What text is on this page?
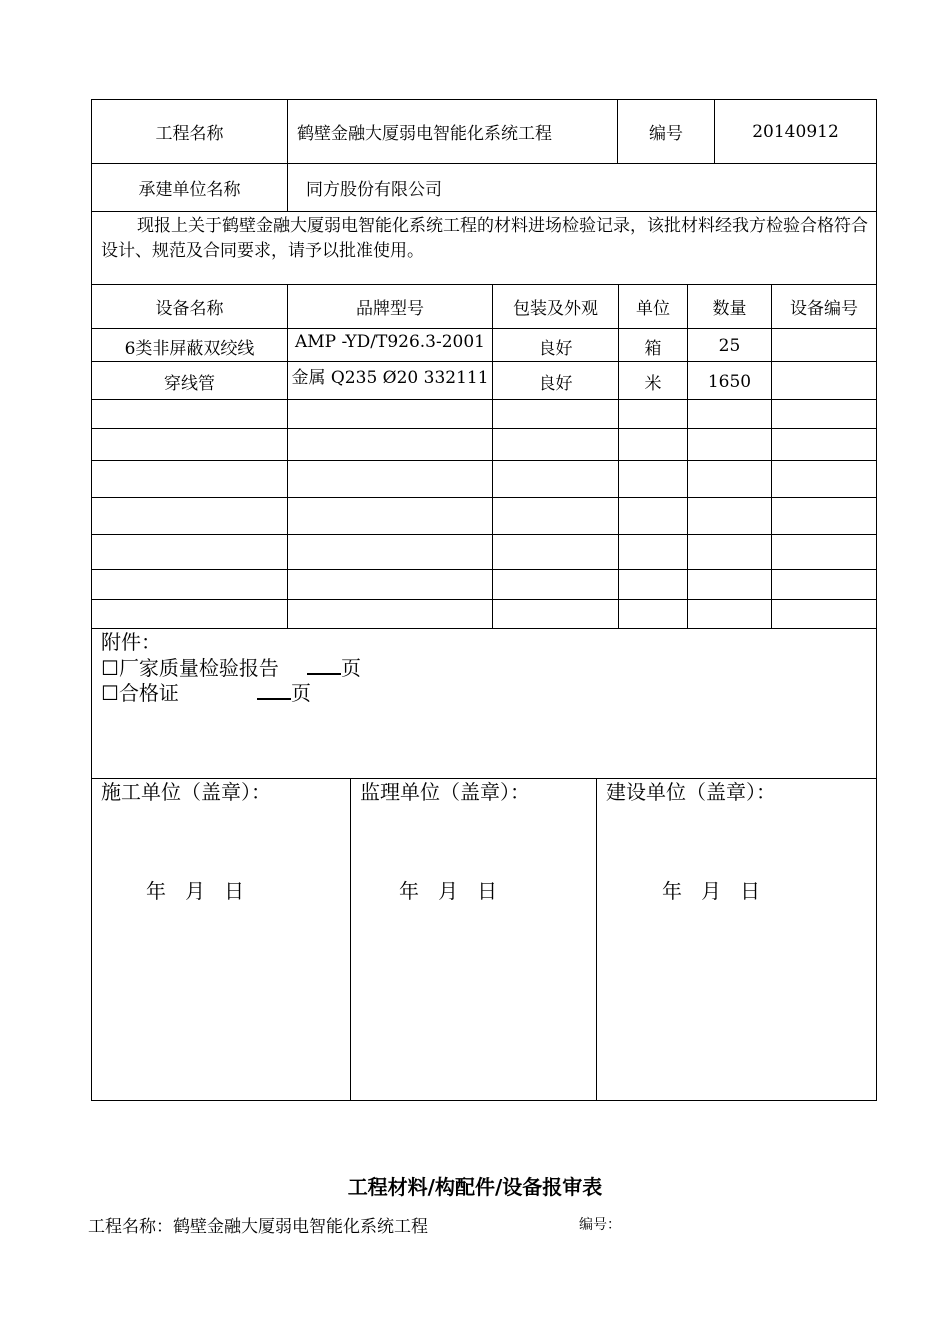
工程名称	鹤壁金融大厦弱电智能化系统工程	编号	20140912
承建单位名称	同方股份有限公司
现报上关于鹤壁金融大厦弱电智能化系统工程的材料进场检验记录，该批材料经我方检验合格符合设计、规范及合同要求，请予以批准使用。
设备名称	品牌型号	包装及外观	单位	数量	设备编号
6类非屏蔽双绞线	AMP -YD/T926.3-2001	良好	箱	25
穿线管	金属 Q235 Ø20 332111	良好	米	1650
附件：
☐厂家质量检验报告	页
☐合格证	页
施工单位（盖章）：	监理单位（盖章）：	建设单位（盖章）：
年   月   日	年   月   日	年   月   日
工程材料/构配件/设备报审表
工程名称：鹤壁金融大厦弱电智能化系统工程	编号：
